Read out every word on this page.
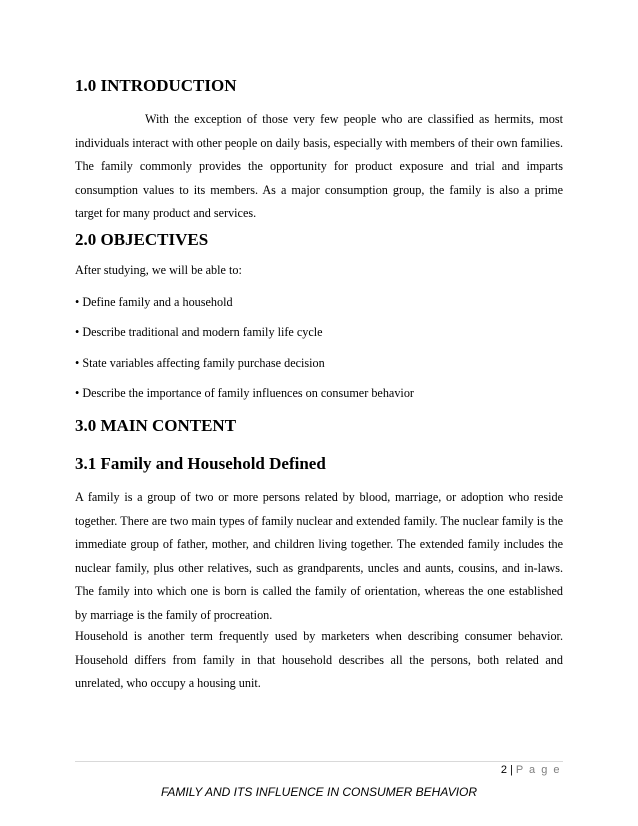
1.0 INTRODUCTION
With the exception of those very few people who are classified as hermits, most individuals interact with other people on daily basis, especially with members of their own families. The family commonly provides the opportunity for product exposure and trial and imparts consumption values to its members. As a major consumption group, the family is also a prime target for many product and services.
2.0 OBJECTIVES
After studying, we will be able to:
• Define family and a household
• Describe traditional and modern family life cycle
• State variables affecting family purchase decision
• Describe the importance of family influences on consumer behavior
3.0 MAIN CONTENT
3.1 Family and Household Defined
A family is a group of two or more persons related by blood, marriage, or adoption who reside together. There are two main types of family nuclear and extended family. The nuclear family is the immediate group of father, mother, and children living together. The extended family includes the nuclear family, plus other relatives, such as grandparents, uncles and aunts, cousins, and in-laws. The family into which one is born is called the family of orientation, whereas the one established by marriage is the family of procreation.
Household is another term frequently used by marketers when describing consumer behavior. Household differs from family in that household describes all the persons, both related and unrelated, who occupy a housing unit.
2 | P a g e
FAMILY AND ITS INFLUENCE IN CONSUMER BEHAVIOR
